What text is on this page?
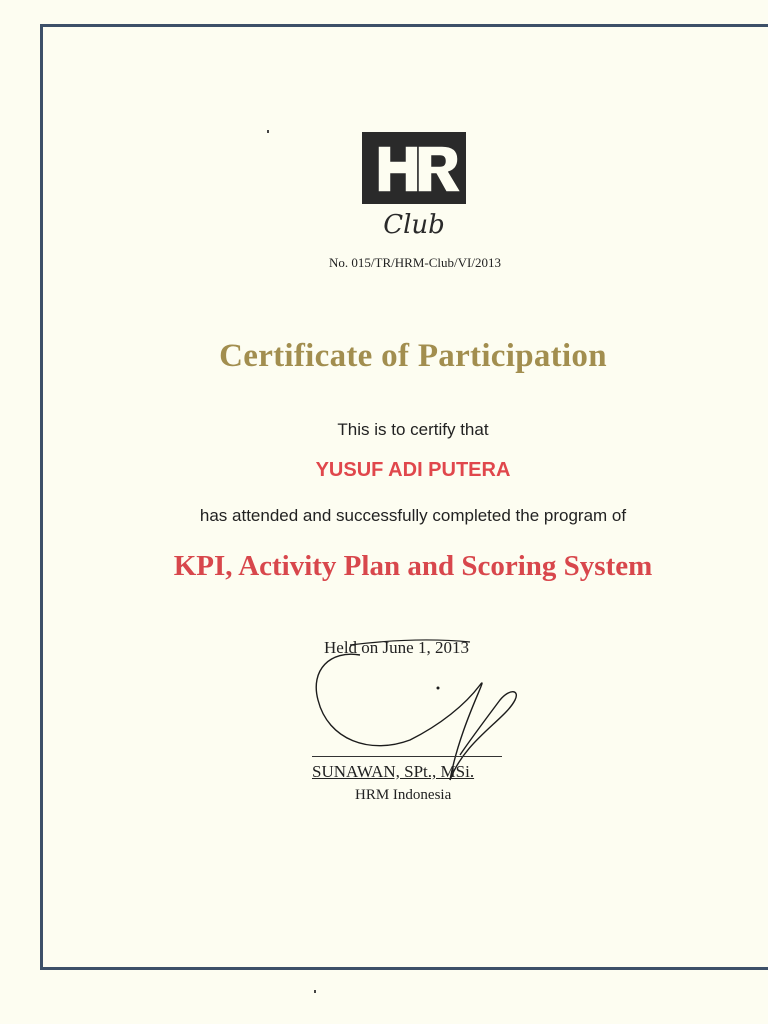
Club
No. 015/TR/HRM-Club/VI/2013
Certificate of Participation
This is to certify that
YUSUF ADI PUTERA
has attended and successfully completed the program of
KPI, Activity Plan and Scoring System
Held on June 1, 2013
SUNAWAN, SPt., MSi.
HRM Indonesia
